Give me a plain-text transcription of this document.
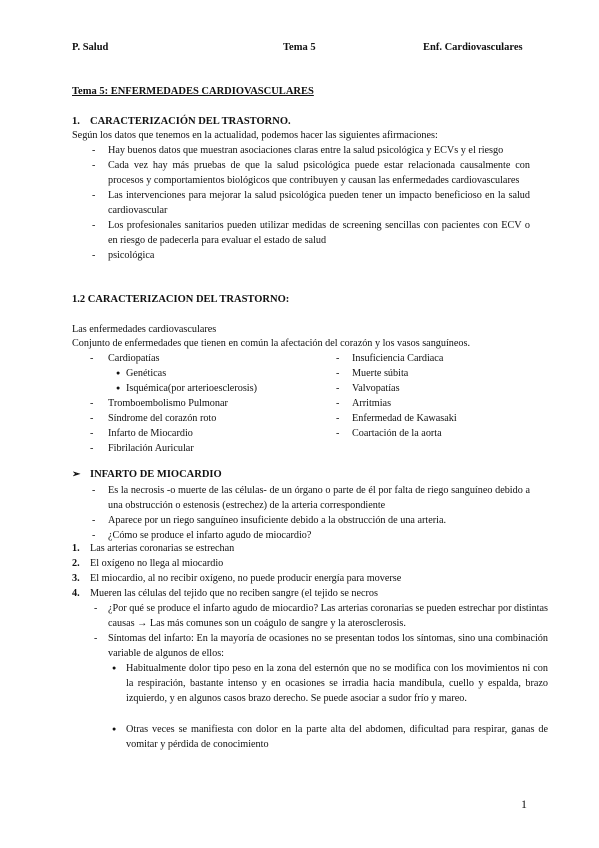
P. Salud	Tema 5	Enf. Cardiovasculares
Tema 5: ENFERMEDADES CARDIOVASCULARES
1. CARACTERIZACIÓN DEL TRASTORNO.
Según los datos que tenemos en la actualidad, podemos hacer las siguientes afirmaciones:
- Hay buenos datos que muestran asociaciones claras entre la salud psicológica y ECVs y el riesgo
- Cada vez hay más pruebas de que la salud psicológica puede estar relacionada causalmente con procesos y comportamientos biológicos que contribuyen y causan las enfermedades cardiovasculares
- Las intervenciones para mejorar la salud psicológica pueden tener un impacto beneficioso en la salud cardiovascular
- Los profesionales sanitarios pueden utilizar medidas de screening sencillas con pacientes con ECV o en riesgo de padecerla para evaluar el estado de salud
- psicológica
1.2 CARACTERIZACION DEL TRASTORNO:
Las enfermedades cardiovasculares
Conjunto de enfermedades que tienen en común la afectación del corazón y los vasos sanguíneos.
- Cardiopatías
● Genéticas
● Isquémica(por arterioesclerosis)
- Tromboembolismo Pulmonar
- Síndrome del corazón roto
- Infarto de Miocardio
- Fibrilación Auricular
- Insuficiencia Cardiaca
- Muerte súbita
- Valvopatías
- Arritmias
- Enfermedad de Kawasaki
- Coartación de la aorta
➢ INFARTO DE MIOCARDIO
- Es la necrosis -o muerte de las células- de un órgano o parte de él por falta de riego sanguíneo debido a una obstrucción o estenosis (estrechez) de la arteria correspondiente
- Aparece por un riego sanguíneo insuficiente debido a la obstrucción de una arteria.
- ¿Cómo se produce el infarto agudo de miocardio?
1. Las arterias coronarias se estrechan
2. El oxígeno no llega al miocardio
3. El miocardio, al no recibir oxígeno, no puede producir energía para moverse
4. Mueren las células del tejido que no reciben sangre (el tejido se necros
- ¿Por qué se produce el infarto agudo de miocardio? Las arterias coronarias se pueden estrechar por distintas causas → Las más comunes son un coágulo de sangre y la aterosclerosis.
- Síntomas del infarto: En la mayoría de ocasiones no se presentan todos los síntomas, sino una combinación variable de algunos de ellos:
● Habitualmente dolor tipo peso en la zona del esternón que no se modifica con los movimientos ni con la respiración, bastante intenso y en ocasiones se irradia hacia mandíbula, cuello y espalda, brazo izquierdo, y en algunos casos brazo derecho. Se puede asociar a sudor frío y mareo.
● Otras veces se manifiesta con dolor en la parte alta del abdomen, dificultad para respirar, ganas de vomitar y pérdida de conocimiento
1
